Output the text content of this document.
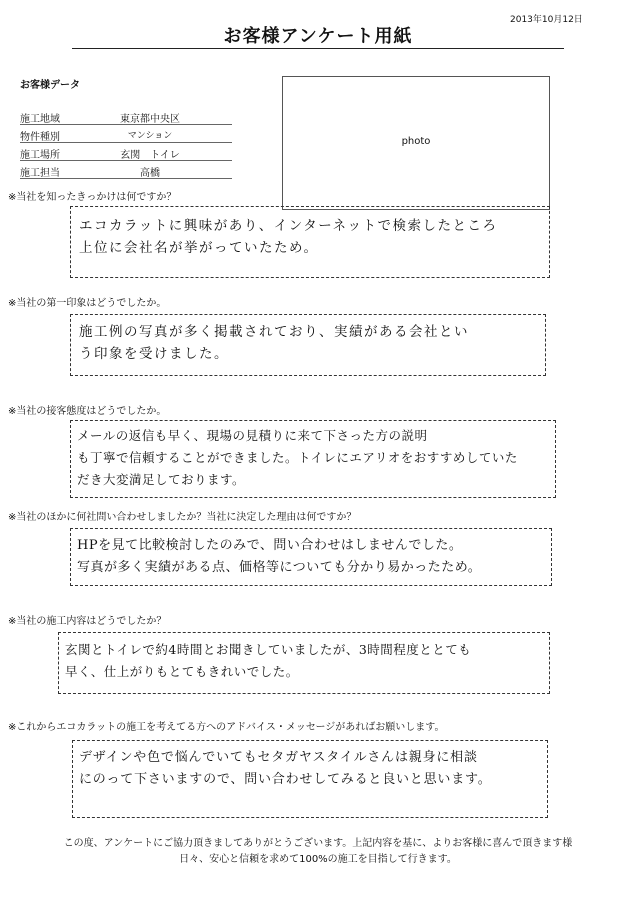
2013年10月12日
お客様アンケート用紙
お客様データ
施工地域	東京都中央区
物件種別	マンション
施工場所	玄関　トイレ
施工担当	高橋
photo
※当社を知ったきっかけは何ですか？
エコカラットに興味があり、インターネットで検索したところ
上位に会社名が挙がっていたため。
※当社の第一印象はどうでしたか。
施工例の写真が多く掲載されており、実績がある会社とい
う印象を受けました。
※当社の接客態度はどうでしたか。
メールの返信も早く、現場の見積りに来て下さった方の説明
も丁寧で信頼することができました。トイレにエアリオをおすすめしていた
だき大変満足しております。
※当社のほかに何社問い合わせしましたか？当社に決定した理由は何ですか？
HPを見て比較検討したのみで、問い合わせはしませんでした。
写真が多く実績がある点、価格等についても分かり易かったため。
※当社の施工内容はどうでしたか？
玄関とトイレで約4時間とお聞きしていましたが、3時間程度ととても
早く、仕上がりもとてもきれいでした。
※これからエコカラットの施工を考えてる方へのアドバイス・メッセージがあればお願いします。
デザインや色で悩んでいてもセタガヤスタイルさんは親身に相談
にのって下さいますので、問い合わせしてみると良いと思います。
この度、アンケートにご協力頂きましてありがとうございます。上記内容を基に、よりお客様に喜んで頂きます様
日々、安心と信頼を求めて100%の施工を目指して行きます。
